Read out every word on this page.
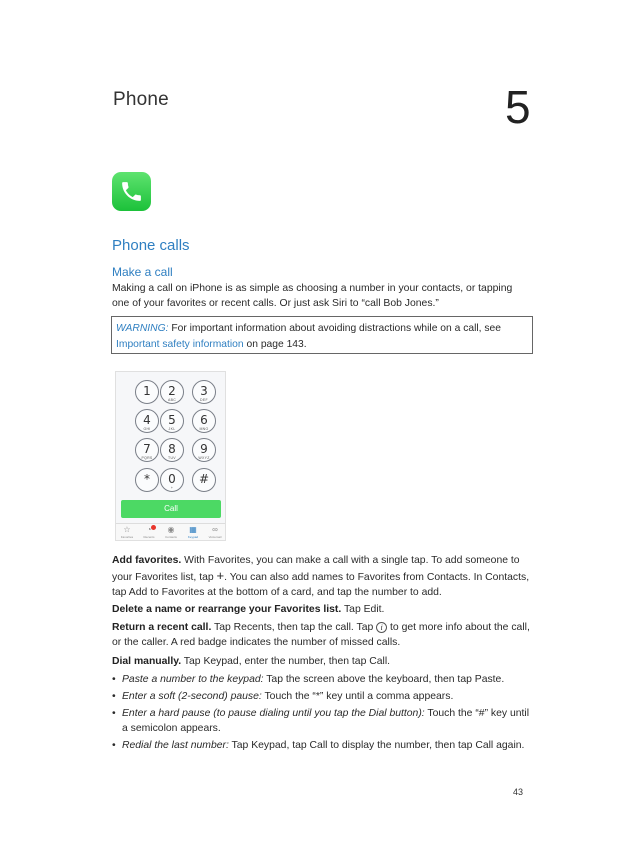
Phone	5
Phone calls
Make a call
Making a call on iPhone is as simple as choosing a number in your contacts, or tapping one of your favorites or recent calls. Or just ask Siri to “call Bob Jones.”
WARNING: For important information about avoiding distractions while on a call, see Important safety information on page 143.
1	2
ABC
3
DEF
4
GHI
5
JKL
6
MNO
7
PQRS
8
TUV
9
WXYZ
*	0
+
#
Call
☆
Favorites
◔
Recents
◉
Contacts
▦
Keypad
∞
Voicemail
Add favorites. With Favorites, you can make a call with a single tap. To add someone to your Favorites list, tap +. You can also add names to Favorites from Contacts. In Contacts, tap Add to Favorites at the bottom of a card, and tap the number to add.
Delete a name or rearrange your Favorites list. Tap Edit.
Return a recent call. Tap Recents, then tap the call. Tap i to get more info about the call, or the caller. A red badge indicates the number of missed calls.
Dial manually. Tap Keypad, enter the number, then tap Call.
• Paste a number to the keypad: Tap the screen above the keyboard, then tap Paste.
• Enter a soft (2-second) pause: Touch the “*” key until a comma appears.
• Enter a hard pause (to pause dialing until you tap the Dial button): Touch the “#” key until a semicolon appears.
• Redial the last number: Tap Keypad, tap Call to display the number, then tap Call again.
43
